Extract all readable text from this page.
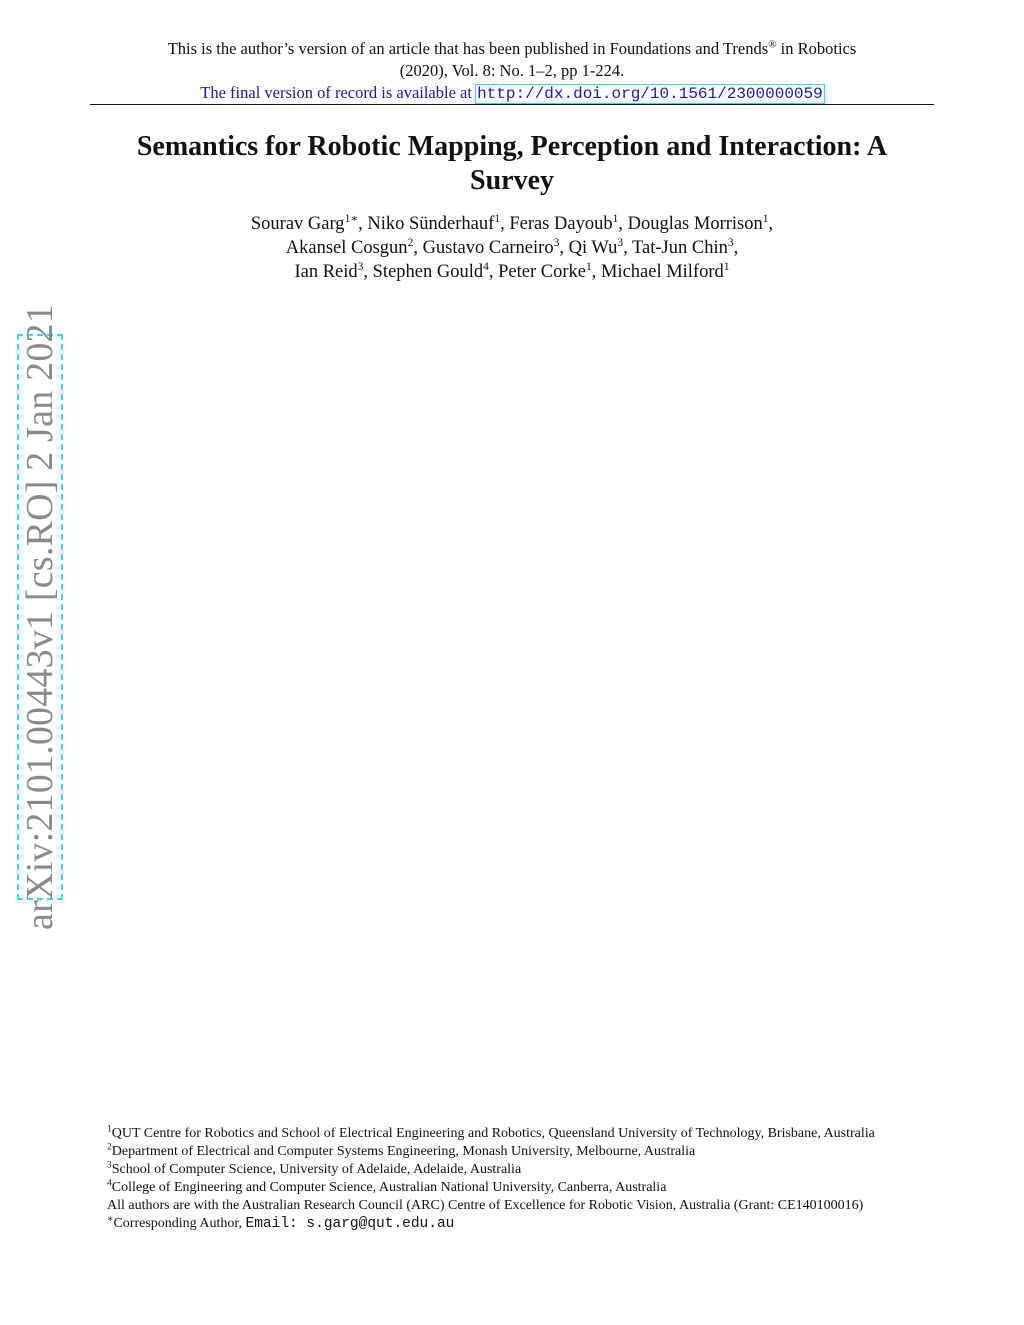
This is the author’s version of an article that has been published in Foundations and Trends® in Robotics
(2020), Vol. 8: No. 1–2, pp 1-224.
The final version of record is available at http://dx.doi.org/10.1561/2300000059
Semantics for Robotic Mapping, Perception and Interaction: A
Survey
Sourav Garg$^{1∗}$, Niko Sünderhauf$^1$, Feras Dayoub$^1$, Douglas Morrison$^1$,
Akansel Cosgun$^2$, Gustavo Carneiro$^3$, Qi Wu$^3$, Tat-Jun Chin$^3$,
Ian Reid$^3$, Stephen Gould$^4$, Peter Corke$^1$, Michael Milford$^1$
arXiv:2101.00443v1 [cs.RO] 2 Jan 2021
$^1$QUT Centre for Robotics and School of Electrical Engineering and Robotics, Queensland University of Technology, Brisbane, Australia
$^2$Department of Electrical and Computer Systems Engineering, Monash University, Melbourne, Australia
$^3$School of Computer Science, University of Adelaide, Adelaide, Australia
$^4$College of Engineering and Computer Science, Australian National University, Canberra, Australia
All authors are with the Australian Research Council (ARC) Centre of Excellence for Robotic Vision, Australia (Grant: CE140100016)
∗Corresponding Author, Email: s.garg@qut.edu.au
